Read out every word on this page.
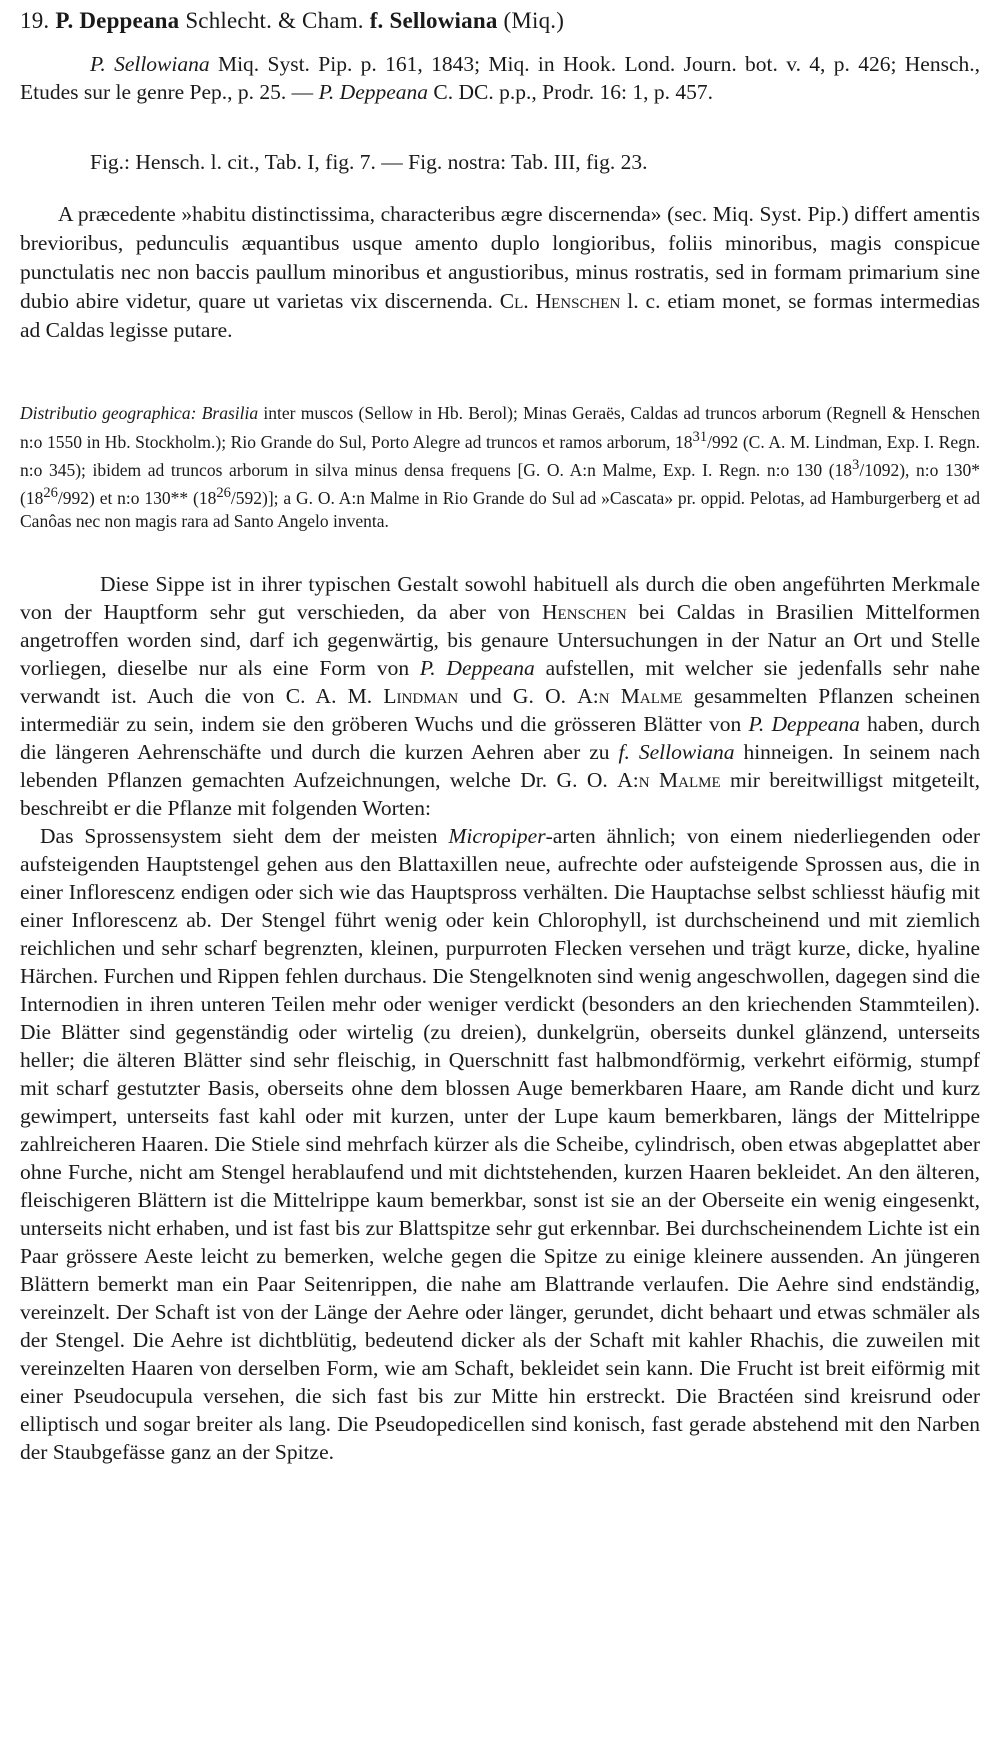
19. P. Deppeana Schlecht. & Cham. f. Sellowiana (Miq.)

P. Sellowiana Miq. Syst. Pip. p. 161, 1843; Miq. in Hook. Lond. Journ. bot. v. 4, p. 426; Hensch., Etudes sur le genre Pep., p. 25. — P. Deppeana C. DC. p.p., Prodr. 16: 1, p. 457.

Fig.: Hensch. l. cit., Tab. I, fig. 7. — Fig. nostra: Tab. III, fig. 23.

A præcedente »habitu distinctissima, characteribus ægre discernenda» (sec. Miq. Syst. Pip.) differt amentis brevioribus, pedunculis æquantibus usque amento duplo longioribus, foliis minoribus, magis conspicue punctulatis nec non baccis paullum minoribus et angustioribus, minus rostratis, sed in formam primarium sine dubio abire videtur, quare ut varietas vix discernenda. Cl. Henschen l. c. etiam monet, se formas intermedias ad Caldas legisse putare.

Distributio geographica: Brasilia inter muscos (Sellow in Hb. Berol); Minas Geraës, Caldas ad truncos arborum (Regnell & Henschen n:o 1550 in Hb. Stockholm.); Rio Grande do Sul, Porto Alegre ad truncos et ramos arborum, $18^{31}/992$ (C. A. M. Lindman, Exp. I. Regn. n:o 345); ibidem ad truncos arborum in silva minus densa frequens [G. O. A:n Malme, Exp. I. Regn. n:o 130 $(18^3/1092)$, n:o 130* $(18^{26}/992)$ et n:o 130** $(18^{26}/592)$]; a G. O. A:n Malme in Rio Grande do Sul ad »Cascata» pr. oppid. Pelotas, ad Hamburgerberg et ad Canôas nec non magis rara ad Santo Angelo inventa.

Diese Sippe ist in ihrer typischen Gestalt sowohl habituell als durch die oben angeführten Merkmale von der Hauptform sehr gut verschieden, da aber von Henschen bei Caldas in Brasilien Mittelformen angetroffen worden sind, darf ich gegenwärtig, bis genaure Untersuchungen in der Natur an Ort und Stelle vorliegen, dieselbe nur als eine Form von P. Deppeana aufstellen, mit welcher sie jedenfalls sehr nahe verwandt ist. Auch die von C. A. M. Lindman und G. O. A:n Malme gesammelten Pflanzen scheinen intermediär zu sein, indem sie den gröberen Wuchs und die grösseren Blätter von P. Deppeana haben, durch die längeren Aehrenschäfte und durch die kurzen Aehren aber zu f. Sellowiana hinneigen. In seinem nach lebenden Pflanzen gemachten Aufzeichnungen, welche Dr. G. O. A:n Malme mir bereitwilligst mitgeteilt, beschreibt er die Pflanze mit folgenden Worten:

Das Sprossensystem sieht dem der meisten Micropiper-arten ähnlich; von einem niederliegenden oder aufsteigenden Hauptstengel gehen aus den Blattaxillen neue, aufrechte oder aufsteigende Sprossen aus, die in einer Inflorescenz endigen oder sich wie das Hauptspross verhälten. Die Hauptachse selbst schliesst häufig mit einer Inflorescenz ab. Der Stengel führt wenig oder kein Chlorophyll, ist durchscheinend und mit ziemlich reichlichen und sehr scharf begrenzten, kleinen, purpurroten Flecken versehen und trägt kurze, dicke, hyaline Härchen. Furchen und Rippen fehlen durchaus. Die Stengelknoten sind wenig angeschwollen, dagegen sind die Internodien in ihren unteren Teilen mehr oder weniger verdickt (besonders an den kriechenden Stammteilen). Die Blätter sind gegenständig oder wirtelig (zu dreien), dunkelgrün, oberseits dunkel glänzend, unterseits heller; die älteren Blätter sind sehr fleischig, in Querschnitt fast halbmondförmig, verkehrt eiförmig, stumpf mit scharf gestutzter Basis, oberseits ohne dem blossen Auge bemerkbaren Haare, am Rande dicht und kurz gewimpert, unterseits fast kahl oder mit kurzen, unter der Lupe kaum bemerkbaren, längs der Mittelrippe zahlreicheren Haaren. Die Stiele sind mehrfach kürzer als die Scheibe, cylindrisch, oben etwas abgeplattet aber ohne Furche, nicht am Stengel herablaufend und mit dichtstehenden, kurzen Haaren bekleidet. An den älteren, fleischigeren Blättern ist die Mittelrippe kaum bemerkbar, sonst ist sie an der Oberseite ein wenig eingesenkt, unterseits nicht erhaben, und ist fast bis zur Blattspitze sehr gut erkennbar. Bei durchscheinendem Lichte ist ein Paar grössere Aeste leicht zu bemerken, welche gegen die Spitze zu einige kleinere aussenden. An jüngeren Blättern bemerkt man ein Paar Seitenrippen, die nahe am Blattrande verlaufen. Die Aehre sind endständig, vereinzelt. Der Schaft ist von der Länge der Aehre oder länger, gerundet, dicht behaart und etwas schmäler als der Stengel. Die Aehre ist dichtblütig, bedeutend dicker als der Schaft mit kahler Rhachis, die zuweilen mit vereinzelten Haaren von derselben Form, wie am Schaft, bekleidet sein kann. Die Frucht ist breit eiförmig mit einer Pseudocupula versehen, die sich fast bis zur Mitte hin erstreckt. Die Bractéen sind kreisrund oder elliptisch und sogar breiter als lang. Die Pseudopedicellen sind konisch, fast gerade abstehend mit den Narben der Staubgefässe ganz an der Spitze.
